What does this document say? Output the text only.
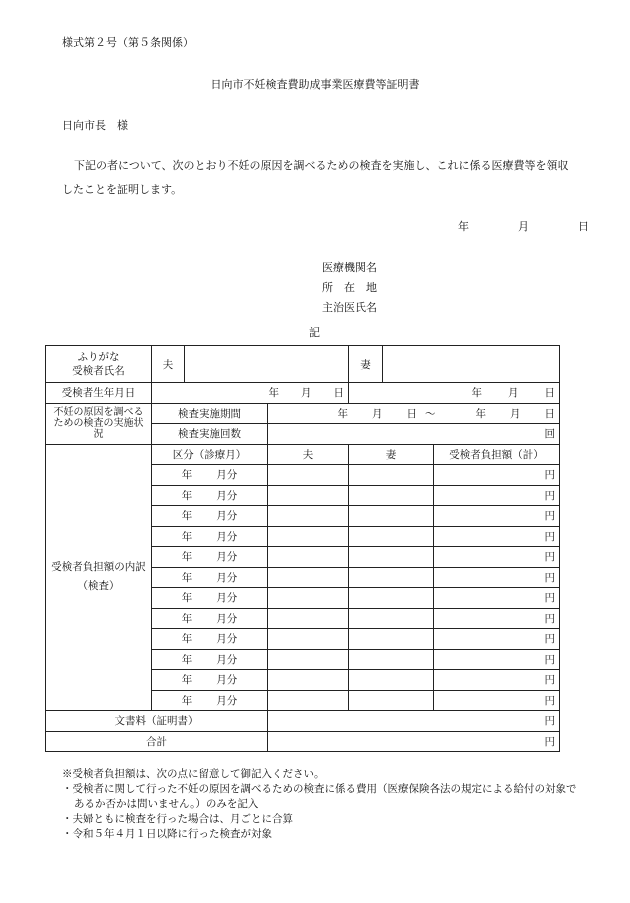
様式第２号（第５条関係）
日向市不妊検査費助成事業医療費等証明書
日向市長　様
下記の者について、次のとおり不妊の原因を調べるための検査を実施し、これに係る医療費等を領収したことを証明します。
年	月	日
医療機関名
所　在　地
主治医氏名
記
ふりがな
受検者氏名	夫			妻		
受検者生年月日	年 月 日			年 月 日		
不妊の原因を調べるための検査の実施状況	検査実施期間		年 月 日 〜 年 月 日			
	検査実施回数		回			
受検者負担額の内訳（検査）	区分（診療月）		夫	妻		受検者負担額（計）
	年 月分					円
	年 月分					円
	年 月分					円
	年 月分					円
	年 月分					円
	年 月分					円
	年 月分					円
	年 月分					円
	年 月分					円
	年 月分					円
	年 月分					円
	年 月分					円
文書料（証明書）			円			
合計			円			
※受検者負担額は、次の点に留意して御記入ください。
・受検者に関して行った不妊の原因を調べるための検査に係る費用（医療保険各法の規定による給付の対象であるか否かは問いません。）のみを記入
・夫婦ともに検査を行った場合は、月ごとに合算
・令和５年４月１日以降に行った検査が対象
